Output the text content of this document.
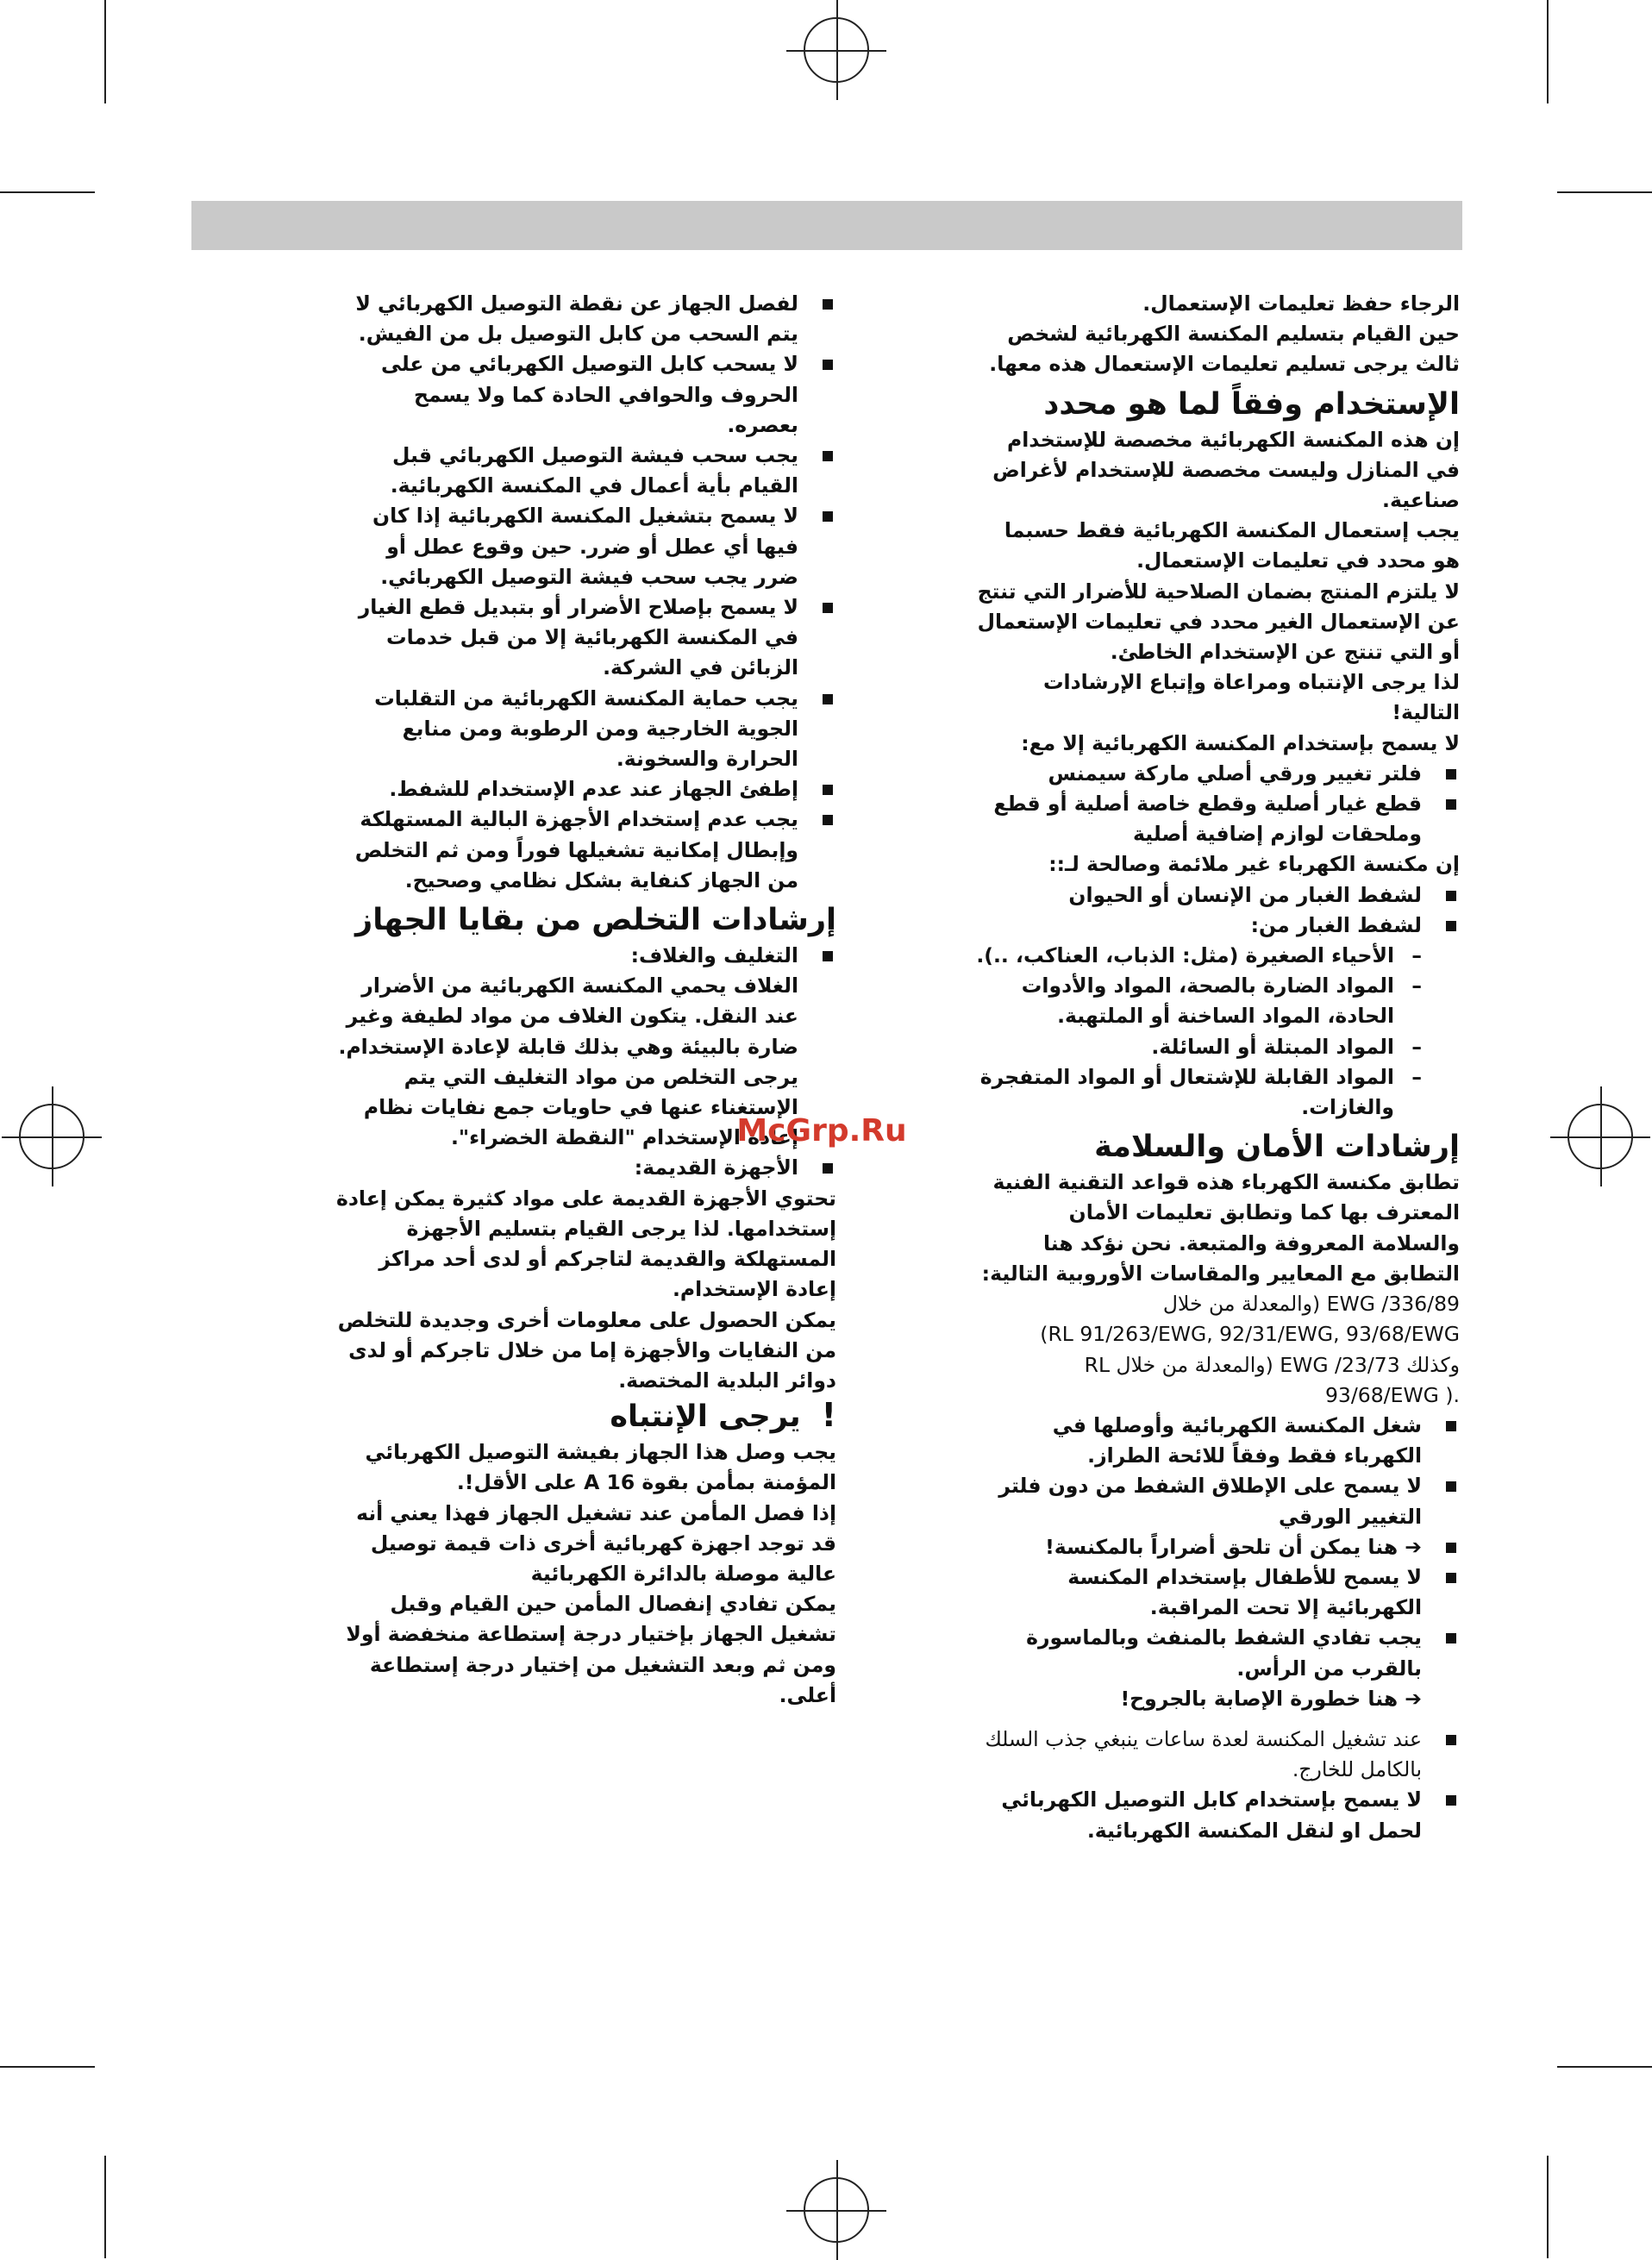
الرجاء حفظ تعليمات الإستعمال.

حين القيام بتسليم المكنسة الكهربائية لشخص ثالث يرجى تسليم تعليمات الإستعمال هذه معها.

الإستخدام وفقاً لما هو محدد

إن هذه المكنسة الكهربائية مخصصة للإستخدام في المنازل وليست مخصصة للإستخدام لأغراض صناعية.

يجب إستعمال المكنسة الكهربائية فقط حسبما هو محدد في تعليمات الإستعمال.

لا يلتزم المنتج بضمان الصلاحية للأضرار التي تنتج عن الإستعمال الغير محدد في تعليمات الإستعمال أو التي تنتج عن الإستخدام الخاطئ.

لذا يرجى الإنتباه ومراعاة وإتباع الإرشادات التالية!

لا يسمح بإستخدام المكنسة الكهربائية إلا مع:

فلتر تغيير ورقي أصلي ماركة سيمنس

قطع غيار أصلية وقطع خاصة أصلية أو قطع وملحقات لوازم إضافية أصلية

إن مكنسة الكهرباء غير ملائمة وصالحة لـ::

لشفط الغبار من الإنسان أو الحيوان

لشفط الغبار من:

–
الأحياء الصغيرة (مثل: الذباب، العناكب، ..).

–
المواد الضارة بالصحة، المواد والأدوات الحادة، المواد الساخنة أو الملتهبة.

–
المواد المبتلة أو السائلة.

–
المواد القابلة للإشتعال أو المواد المتفجرة والغازات.

إرشادات الأمان والسلامة

تطابق مكنسة الكهرباء هذه قواعد التقنية الفنية المعترف بها كما وتطابق تعليمات الأمان والسلامة المعروفة والمتبعة. نحن نؤكد هنا التطابق مع المعايير والمقاسات الأوروبية التالية:

EWG /336/89 (والمعدلة من خلال

(RL 91/263/EWG, 92/31/EWG, 93/68/EWG

وكذلك EWG /23/73 (والمعدلة من خلال RL

93/68/EWG ).

شغل المكنسة الكهربائية وأوصلها في الكهرباء فقط وفقاً للائحة الطراز.

لا يسمح على الإطلاق الشفط من دون فلتر التغيير الورقي

➔ هنا يمكن أن تلحق أضراراً بالمكنسة!

لا يسمح للأطفال بإستخدام المكنسة الكهربائية إلا تحت المراقبة.

يجب تفادي الشفط بالمنفث وبالماسورة بالقرب من الرأس.

➔ هنا خطورة الإصابة بالجروح!

عند تشغيل المكنسة لعدة ساعات ينبغي جذب السلك بالكامل للخارج.

لا يسمح بإستخدام كابل التوصيل الكهربائي لحمل او لنقل المكنسة الكهربائية.

لفصل الجهاز عن نقطة التوصيل الكهربائي لا يتم السحب من كابل التوصيل بل من الفيش.

لا يسحب كابل التوصيل الكهربائي من على الحروف والحوافي الحادة كما ولا يسمح بعصره.

يجب سحب فيشة التوصيل الكهربائي قبل القيام بأية أعمال في المكنسة الكهربائية.

لا يسمح بتشغيل المكنسة الكهربائية إذا كان فيها أي عطل أو ضرر. حين وقوع عطل أو ضرر يجب سحب فيشة التوصيل الكهربائي.

لا يسمح بإصلاح الأضرار أو بتبديل قطع الغيار في المكنسة الكهربائية إلا من قبل خدمات الزبائن في الشركة.

يجب حماية المكنسة الكهربائية من التقلبات الجوية الخارجية ومن الرطوبة ومن منابع الحرارة والسخونة.

إطفئ الجهاز عند عدم الإستخدام للشفط.

يجب عدم إستخدام الأجهزة البالية المستهلكة وإبطال إمكانية تشغيلها فوراً ومن ثم التخلص من الجهاز كنفاية بشكل نظامي وصحيح.

إرشادات التخلص من بقايا الجهاز

التغليف والغلاف:

الغلاف يحمي المكنسة الكهربائية من الأضرار عند النقل. يتكون الغلاف من مواد لطيفة وغير ضارة بالبيئة وهي بذلك قابلة لإعادة الإستخدام. يرجى التخلص من مواد التغليف التي يتم الإستغناء عنها في حاويات جمع نفايات نظام إعادة الإستخدام "النقطة الخضراء".

الأجهزة القديمة:

تحتوي الأجهزة القديمة على مواد كثيرة يمكن إعادة إستخدامها. لذا يرجى القيام بتسليم الأجهزة المستهلكة والقديمة لتاجركم أو لدى أحد مراكز إعادة الإستخدام.

يمكن الحصول على معلومات أخرى وجديدة للتخلص من النفايات والأجهزة إما من خلال تاجركم أو لدى دوائر البلدية المختصة.

!
يرجى الإنتباه

يجب وصل هذا الجهاز بفيشة التوصيل الكهربائي المؤمنة بمأمن بقوة A 16 على الأقل!.

إذا فصل المأمن عند تشغيل الجهاز فهذا يعني أنه قد توجد اجهزة كهربائية أخرى ذات قيمة توصيل عالية موصلة بالدائرة الكهربائية

يمكن تفادي إنفصال المأمن حين القيام وقبل تشغيل الجهاز بإختيار درجة إستطاعة منخفضة أولا ومن ثم وبعد التشغيل من إختيار درجة إستطاعة أعلى.

McGrp.Ru
